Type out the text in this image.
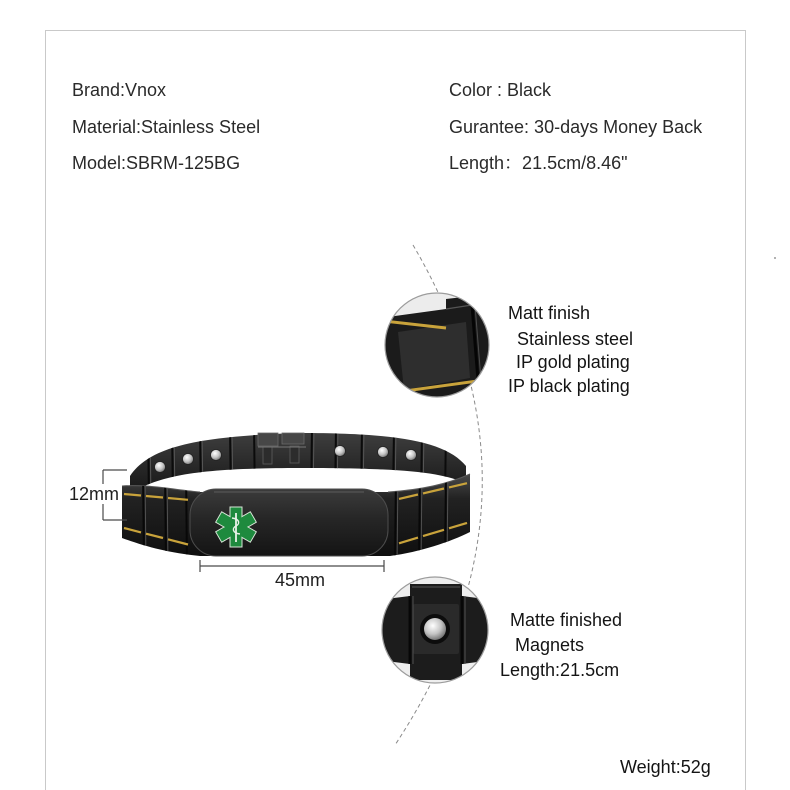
Brand:Vnox
Material:Stainless Steel
Model:SBRM-125BG
Color : Black
Gurantee: 30-days Money Back
Length：21.5cm/8.46"
Matt finish
Stainless steel
IP gold plating
IP black plating
Matte finished
Magnets
Length:21.5cm
12mm
45mm
Weight:52g
